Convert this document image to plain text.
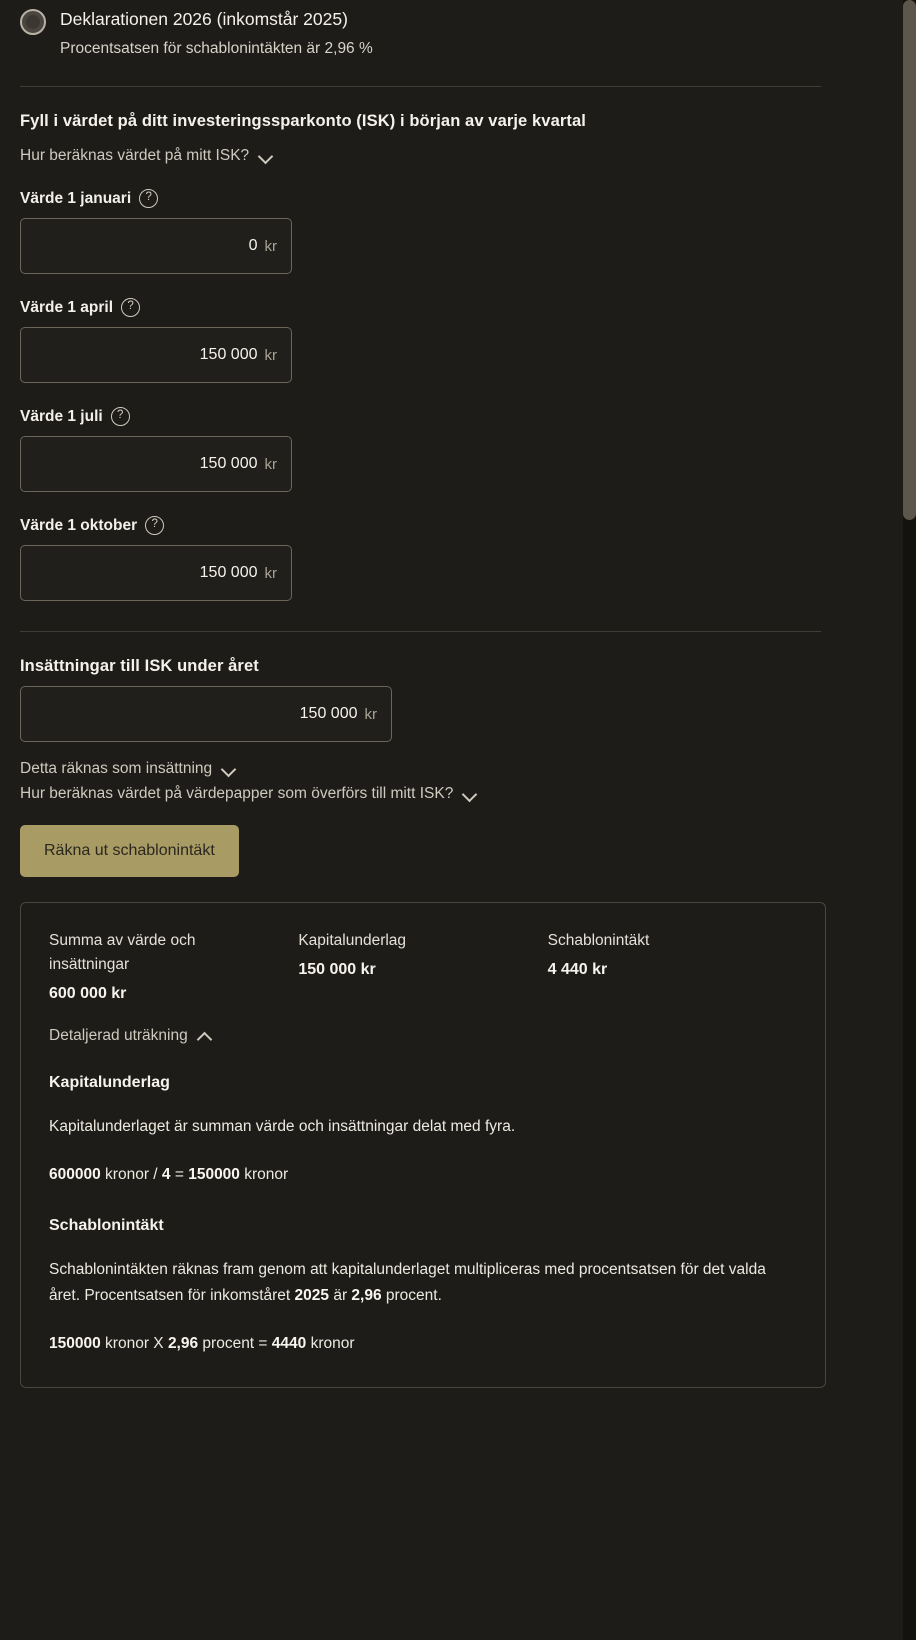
Deklarationen 2026 (inkomstår 2025)
Procentsatsen för schablonintäkten är 2,96 %
Fyll i värdet på ditt investeringssparkonto (ISK) i början av varje kvartal
Hur beräknas värdet på mitt ISK?
Värde 1 januari	?
0 kr
Värde 1 april	?
150 000 kr
Värde 1 juli	?
150 000 kr
Värde 1 oktober	?
150 000 kr
Insättningar till ISK under året
150 000 kr
Detta räknas som insättning
Hur beräknas värdet på värdepapper som överförs till mitt ISK?
Räkna ut schablonintäkt
Summa av värde och insättningar
600 000 kr
Kapitalunderlag
150 000 kr
Schablonintäkt
4 440 kr
Detaljerad uträkning
Kapitalunderlag
Kapitalunderlaget är summan värde och insättningar delat med fyra.
600000 kronor / 4 = 150000 kronor
Schablonintäkt
Schablonintäkten räknas fram genom att kapitalunderlaget multipliceras med procentsatsen för det valda året. Procentsatsen för inkomståret 2025 är 2,96 procent.
150000 kronor X 2,96 procent = 4440 kronor
